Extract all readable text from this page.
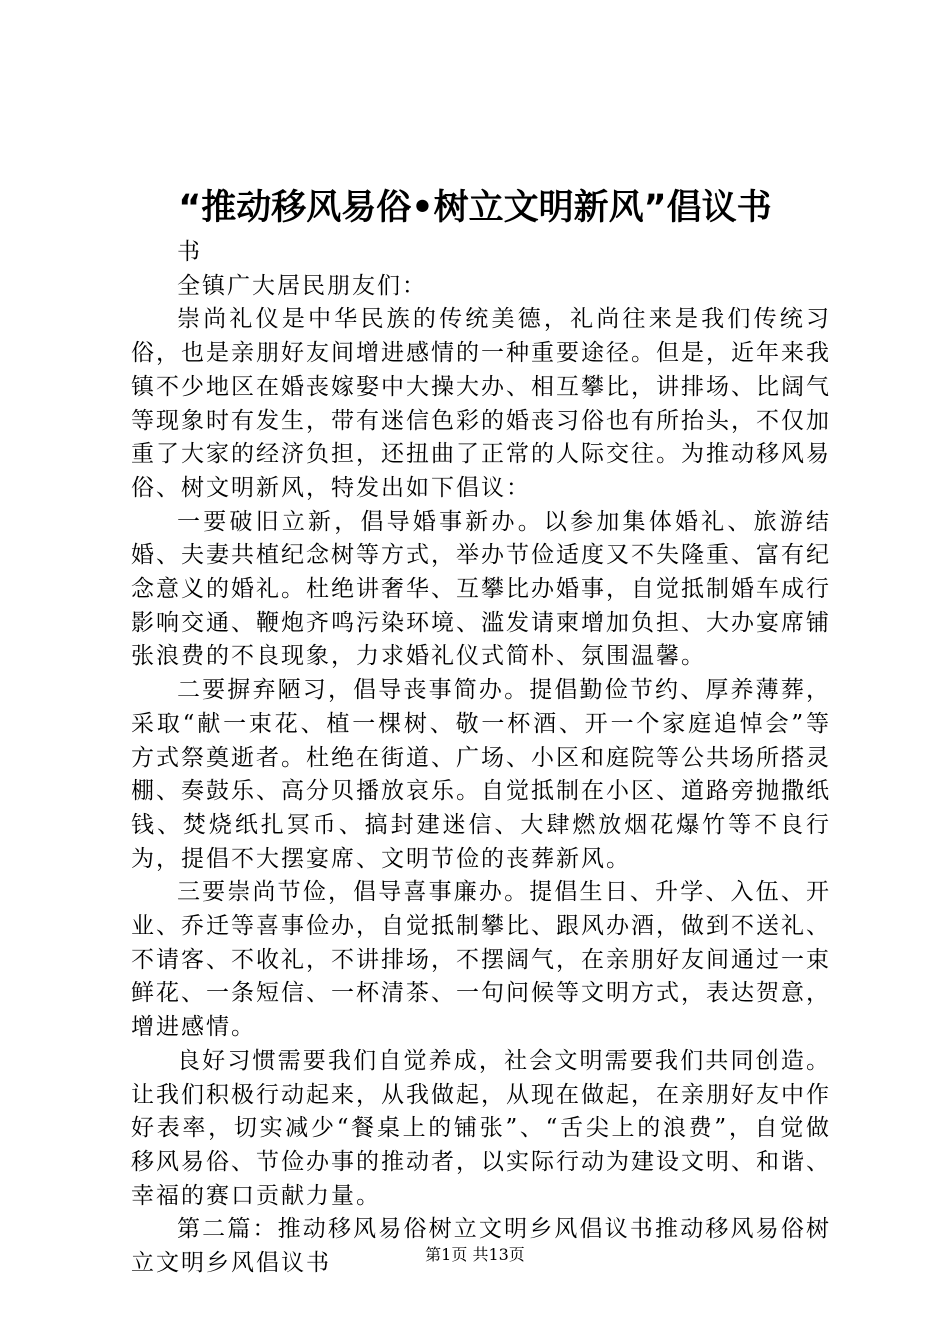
“推动移风易俗•树立文明新风”倡议书

书

全镇广大居民朋友们：

崇尚礼仪是中华民族的传统美德，礼尚往来是我们传统习俗，也是亲朋好友间增进感情的一种重要途径。但是，近年来我镇不少地区在婚丧嫁娶中大操大办、相互攀比，讲排场、比阔气等现象时有发生，带有迷信色彩的婚丧习俗也有所抬头，不仅加重了大家的经济负担，还扭曲了正常的人际交往。为推动移风易俗、树文明新风，特发出如下倡议：

一要破旧立新，倡导婚事新办。以参加集体婚礼、旅游结婚、夫妻共植纪念树等方式，举办节俭适度又不失隆重、富有纪念意义的婚礼。杜绝讲奢华、互攀比办婚事，自觉抵制婚车成行影响交通、鞭炮齐鸣污染环境、滥发请柬增加负担、大办宴席铺张浪费的不良现象，力求婚礼仪式简朴、氛围温馨。

二要摒弃陋习，倡导丧事简办。提倡勤俭节约、厚养薄葬，采取“献一束花、植一棵树、敬一杯酒、开一个家庭追悼会”等方式祭奠逝者。杜绝在街道、广场、小区和庭院等公共场所搭灵棚、奏鼓乐、高分贝播放哀乐。自觉抵制在小区、道路旁抛撒纸钱、焚烧纸扎冥币、搞封建迷信、大肆燃放烟花爆竹等不良行为，提倡不大摆宴席、文明节俭的丧葬新风。

三要崇尚节俭，倡导喜事廉办。提倡生日、升学、入伍、开业、乔迁等喜事俭办，自觉抵制攀比、跟风办酒，做到不送礼、不请客、不收礼，不讲排场，不摆阔气，在亲朋好友间通过一束鲜花、一条短信、一杯清茶、一句问候等文明方式，表达贺意，增进感情。

良好习惯需要我们自觉养成，社会文明需要我们共同创造。让我们积极行动起来，从我做起，从现在做起，在亲朋好友中作好表率，切实减少“餐桌上的铺张”、“舌尖上的浪费”，自觉做移风易俗、节俭办事的推动者，以实际行动为建设文明、和谐、幸福的赛口贡献力量。

第二篇：推动移风易俗树立文明乡风倡议书推动移风易俗树立文明乡风倡议书	第1页 共13页
